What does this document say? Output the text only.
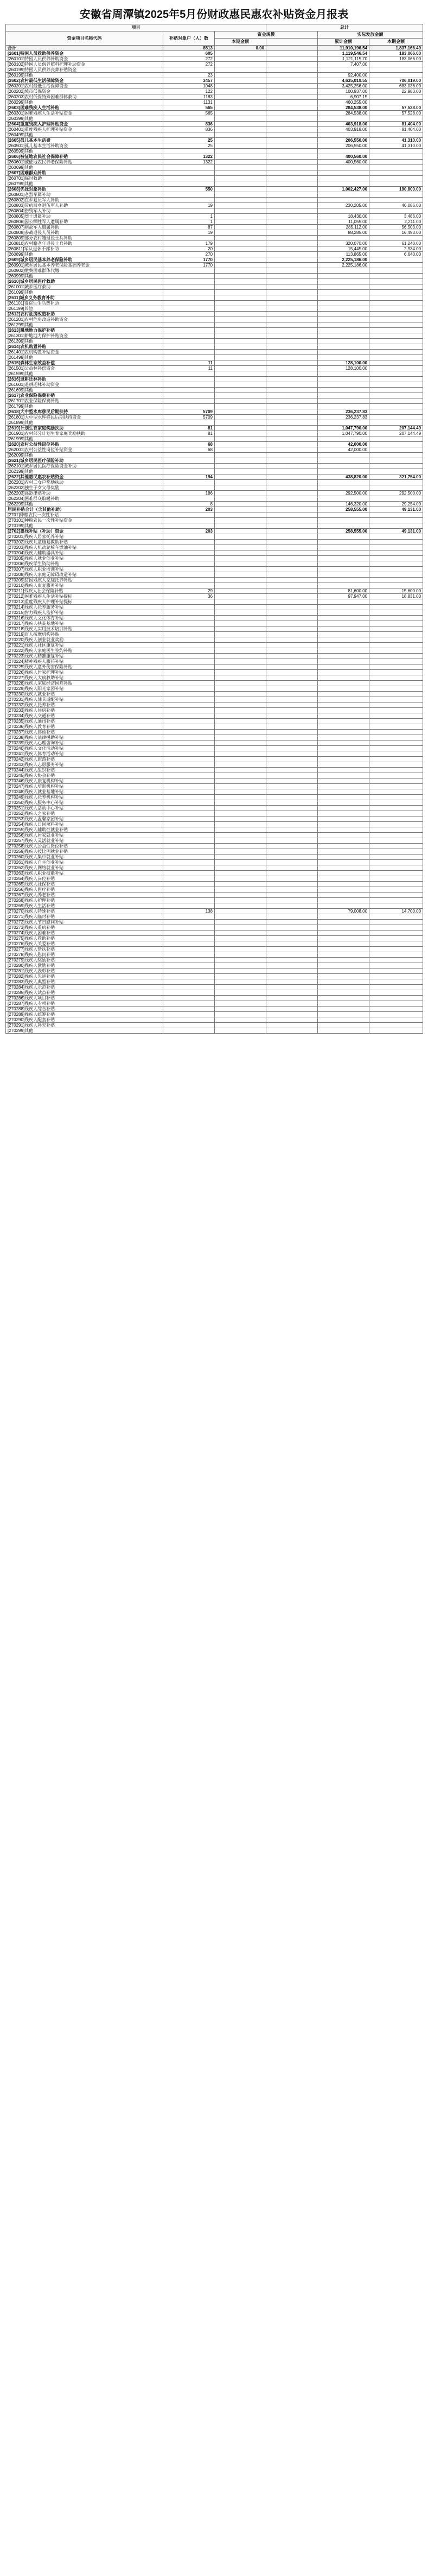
安徽省周潭镇2025年5月份财政惠民惠农补贴资金月报表
项目			总计		
资金项目名称代码	补贴对象户（人）数	资金规模		实际发放金额	
		本期金额		累计金额	本期金额
合计	8513	0.00		11,910,196.54	1,837,166.49
[2601]特困人员救助供养资金	605			1,119,546.54	183,066.00
[260101]特困人员供养补助资金	272			1,121,115.70	183,066.00
[260102]特困人员供养照料护理补助资金	272			7,407.00	
[260199]特困人员供养丧葬补贴资金					
[260199]其他	23			92,400.00	
[2602]农村最低生活保障资金	3457			4,635,019.55	706,019.00
[260201]农村最低生活保障资金	1048			3,425,256.00	683,036.00
[260202]城市低保资金	122			100,937.00	22,983.00
[260203]农村低保特殊困难群体救助	1183			6,907.15	
[260299]其他	1131			460,255.00	
[2603]困难残疾人生活补贴	565			284,538.00	57,528.00
[260301]困难残疾人生活补贴资金	565			284,538.00	57,528.00
[260399]其他					
[2604]重度残疾人护理补贴资金	836			403,918.00	81,404.00
[260401]重度残疾人护理补贴资金	836			403,918.00	81,404.00
[260499]其他					
[2605]孤儿基本生活费	25			206,550.00	41,310.00
[260501]孤儿基本生活补助资金	25			206,550.00	41,310.00
[260599]其他					
[2606]被征地农民社会保障补贴	1322			400,560.00	
[260601]被征地农民养老保险补贴	1322			400,560.00	
[260699]其他					
[2607]困难群众补助					
[260701]临时救助					
[260799]其他					
[2608]优抚对象补助	550			1,002,427.00	190,800.00
[260801]老烈军属补助					
[260802]在乡复员军人补助					
[260803]带病回乡退伍军人补助	19			230,205.00	46,086.00
[260804]伤残军人补助					
[260805]烈士遗属补助	1			18,430.00	3,486.00
[260806]因公牺牲军人遗属补助	1			11,055.00	2,211.00
[260807]病故军人遗属补助	87			285,112.00	56,503.00
[260808]参战退役人员补助	19			88,285.00	16,493.00
[260809]部分农村籍退役士兵补助					
[260810]农村籍老年退役士兵补助	179			320,070.00	61,240.00
[260811]军队退休干部补助	20			15,445.00	2,934.00
[260899]其他	270			113,865.00	6,640.00
[2609]城乡居民基本养老保险补助	1770			2,225,186.00	
[260901]城乡居民基本养老保险基础养老金	1770			2,225,186.00	
[260902]缴费困难群体代缴					
[260999]其他					
[2610]城乡居民医疗救助					
[261001]城乡医疗救助					
[261099]其他					
[2611]城乡义务教育补助					
[261101]寄宿生生活费补助					
[261199]其他					
[2612]农村危房改造补助					
[261201]农村危房改造补助资金					
[261299]其他					
[2613]耕地地力保护补贴					
[261301]耕地地力保护补贴资金					
[261399]其他					
[2614]农机购置补贴					
[261401]农机购置补贴资金					
[261499]其他					
[2615]森林生态效益补偿	11			128,100.00	
[261501]公益林补偿资金	11			128,100.00	
[261599]其他					
[2616]退耕还林补助					
[261601]退耕还林补助资金					
[261699]其他					
[2617]农业保险保费补贴					
[261701]农业保险保费补贴					
[261799]其他					
[2618]大中型水库移民后期扶持	5709			236,237.83	
[261801]大中型水库移民后期扶持资金	5709			236,237.83	
[261899]其他					
[2619]计划生育家庭奖励扶助	81			1,047,790.00	207,144.49
[261901]农村部分计划生育家庭奖励扶助	81			1,047,790.00	207,144.49
[261999]其他					
[2620]农村公益性岗位补贴	68			42,000.00	
[262001]农村公益性岗位补贴资金	68			42,000.00	
[262099]其他					
[2621]城乡居民医疗保险补助					
[262101]城乡居民医疗保险资金补助					
[262199]其他					
[2622]其他惠民惠农补贴资金	194			438,820.00	321,754.00
[262201]农村二女户奖励扶助					
[262202]独生子女父母奖励					
[262203]高龄津贴补助	186			292,500.00	292,500.00
[262204]困难群众取暖补助					
[262299]其他	8			146,320.00	29,254.00
居民补贴合计（含其他补助）	203			258,555.00	49,131.00
[2701]种粮农民一次性补贴					
[270101]种粮农民一次性补贴资金					
[270199]其他					
[2702]惠残补贴（补助）资金	203			258,555.00	49,131.00
[270201]残疾人居家托养补贴					
[270202]残疾儿童康复救助补贴					
[270203]残疾人机动轮椅车燃油补贴					
[270204]残疾人辅助器具补贴					
[270205]残疾人就业创业补贴					
[270206]残疾学生资助补贴					
[270207]残疾人职业培训补贴					
[270208]残疾人家庭无障碍改造补贴					
[270209]贫困残疾人家庭托养补贴					
[270210]残疾人康复服务补贴					
[270211]残疾人社会保险补贴	29			81,600.00	15,600.00
[270212]困难残疾人生活补贴提标	36			97,947.00	18,831.00
[270213]重度残疾人护理补贴提标					
[270214]残疾人托养服务补贴					
[270215]智力残疾人监护补贴					
[270216]残疾人文化体育补贴					
[270217]残疾人扶贫基地补贴					
[270218]残疾人实用技术培训补贴					
[270219]盲人按摩机构补贴					
[270220]残疾人创业就业奖励					
[270221]残疾人社区康复补贴					
[270222]残疾人家庭医生签约补贴					
[270223]残疾人精准康复补贴					
[270224]精神残疾人服药补贴					
[270225]残疾人意外伤害保险补贴					
[270226]残疾人居家护理补贴					
[270227]残疾人大病救助补贴					
[270228]残疾人家庭经济困难补贴					
[270229]残疾人阳光家园补贴					
[270230]残疾人就业补贴					
[270231]残疾人辅具适配补贴					
[270232]残疾人托养补贴					
[270233]残疾人住房补贴					
[270234]残疾人交通补贴					
[270235]残疾人通讯补贴					
[270236]残疾人教育补贴					
[270237]残疾人体检补贴					
[270238]残疾人法律援助补贴					
[270239]残疾人心理咨询补贴					
[270240]残疾人文化活动补贴					
[270241]残疾人体育活动补贴					
[270242]残疾人旅游补贴					
[270243]残疾人志愿服务补贴					
[270244]残疾人组织补贴					
[270245]残疾人协会补贴					
[270246]残疾人康复机构补贴					
[270247]残疾人培训机构补贴					
[270248]残疾人就业基地补贴					
[270249]残疾人托养机构补贴					
[270250]残疾人服务中心补贴					
[270251]残疾人活动中心补贴					
[270252]残疾人之家补贴					
[270253]残疾人温馨家园补贴					
[270254]残疾人日间照料补贴					
[270255]残疾人辅助性就业补贴					
[270256]残疾人居家就业补贴					
[270257]残疾人灵活就业补贴					
[270258]残疾人公益性岗位补贴					
[270259]残疾人按比例就业补贴					
[270260]残疾人集中就业补贴					
[270261]残疾人自主创业补贴					
[270262]残疾人网络就业补贴					
[270263]残疾人职业技能补贴					
[270264]残疾人岗位补贴					
[270265]残疾人社保补贴					
[270266]残疾人医疗补贴					
[270267]残疾人养老补贴					
[270268]残疾人护理补贴					
[270269]残疾人生活补贴					
[270270]残疾人特殊补贴	138			79,008.00	14,700.00
[270271]残疾人临时补贴					
[270272]残疾人节日慰问补贴					
[270273]残疾人重病补贴					
[270274]残疾人困难补贴					
[270275]残疾人救助补贴					
[270276]残疾人关爱补贴					
[270277]残疾人帮扶补贴					
[270278]残疾人慰问补贴					
[270279]残疾人奖励补贴					
[270280]残疾人激励补贴					
[270281]残疾人表彰补贴					
[270282]残疾人先进补贴					
[270283]残疾人典型补贴					
[270284]残疾人示范补贴					
[270285]残疾人试点补贴					
[270286]残疾人项目补贴					
[270287]残疾人专项补贴					
[270288]残疾人综合补贴					
[270289]残疾人统筹补贴					
[270290]残疾人配套补贴					
[270291]残疾人补充补贴					
[270299]其他					
